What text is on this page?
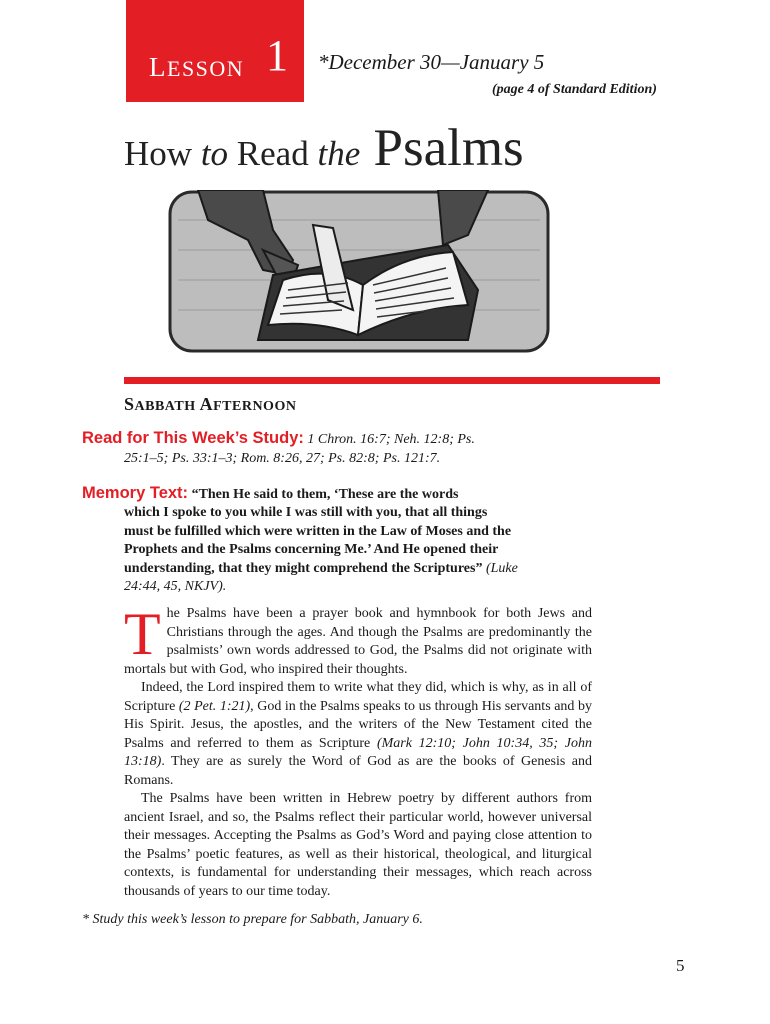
LESSON 1 *December 30—January 5
(page 4 of Standard Edition)
How to Read the Psalms
SABBATH AFTERNOON
Read for This Week’s Study: 1 Chron. 16:7; Neh. 12:8; Ps.
25:1–5; Ps. 33:1–3; Rom. 8:26, 27; Ps. 82:8; Ps. 121:7.
Memory Text: “Then He said to them, ‘These are the words
which I spoke to you while I was still with you, that all things
must be fulfilled which were written in the Law of Moses and the
Prophets and the Psalms concerning Me.’ And He opened their
understanding, that they might comprehend the Scriptures” (Luke
24:44, 45, NKJV).

The Psalms have been a prayer book and hymnbook for both Jews and Christians through the ages. And though the Psalms are predominantly the psalmists’ own words addressed to God, the Psalms did not originate with mortals but with God, who inspired their thoughts.

Indeed, the Lord inspired them to write what they did, which is why, as in all of Scripture (2 Pet. 1:21), God in the Psalms speaks to us through His servants and by His Spirit. Jesus, the apostles, and the writers of the New Testament cited the Psalms and referred to them as Scripture (Mark 12:10; John 10:34, 35; John 13:18). They are as surely the Word of God as are the books of Genesis and Romans.

The Psalms have been written in Hebrew poetry by different authors from ancient Israel, and so, the Psalms reflect their particular world, however universal their messages. Accepting the Psalms as God’s Word and paying close attention to the Psalms’ poetic features, as well as their historical, theological, and liturgical contexts, is fundamental for understanding their messages, which reach across thousands of years to our time today.

* Study this week’s lesson to prepare for Sabbath, January 6.
5
